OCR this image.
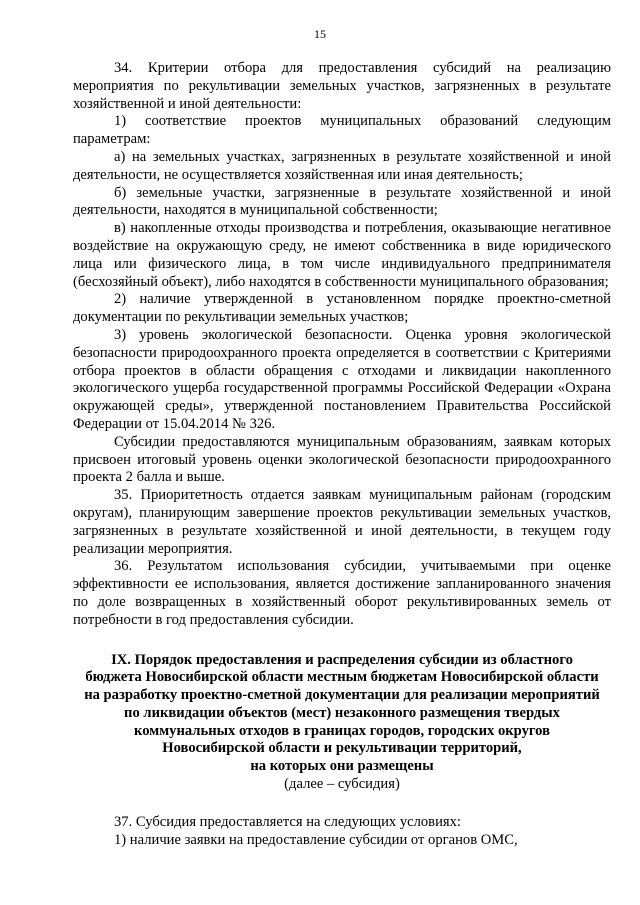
15

34. Критерии отбора для предоставления субсидий на реализацию мероприятия по рекультивации земельных участков, загрязненных в результате хозяйственной и иной деятельности:

1) соответствие проектов муниципальных образований следующим параметрам:

а) на земельных участках, загрязненных в результате хозяйственной и иной деятельности, не осуществляется хозяйственная или иная деятельность;

б) земельные участки, загрязненные в результате хозяйственной и иной деятельности, находятся в муниципальной собственности;

в) накопленные отходы производства и потребления, оказывающие негативное воздействие на окружающую среду, не имеют собственника в виде юридического лица или физического лица, в том числе индивидуального предпринимателя (бесхозяйный объект), либо находятся в собственности муниципального образования;

2) наличие утвержденной в установленном порядке проектно-сметной документации по рекультивации земельных участков;

3) уровень экологической безопасности. Оценка уровня экологической безопасности природоохранного проекта определяется в соответствии с Критериями отбора проектов в области обращения с отходами и ликвидации накопленного экологического ущерба государственной программы Российской Федерации «Охрана окружающей среды», утвержденной постановлением Правительства Российской Федерации от 15.04.2014 № 326.

Субсидии предоставляются муниципальным образованиям, заявкам которых присвоен итоговый уровень оценки экологической безопасности природоохранного проекта 2 балла и выше.

35. Приоритетность отдается заявкам муниципальным районам (городским округам), планирующим завершение проектов рекультивации земельных участков, загрязненных в результате хозяйственной и иной деятельности, в текущем году реализации мероприятия.

36. Результатом использования субсидии, учитываемыми при оценке эффективности ее использования, является достижение запланированного значения по доле возвращенных в хозяйственный оборот рекультивированных земель от потребности в год предоставления субсидии.

IX. Порядок предоставления и распределения субсидии из областного
бюджета Новосибирской области местным бюджетам Новосибирской области
на разработку проектно-сметной документации для реализации мероприятий
по ликвидации объектов (мест) незаконного размещения твердых
коммунальных отходов в границах городов, городских округов
Новосибирской области и рекультивации территорий,
на которых они размещены
(далее – субсидия)

37. Субсидия предоставляется на следующих условиях:

1) наличие заявки на предоставление субсидии от органов ОМС,
